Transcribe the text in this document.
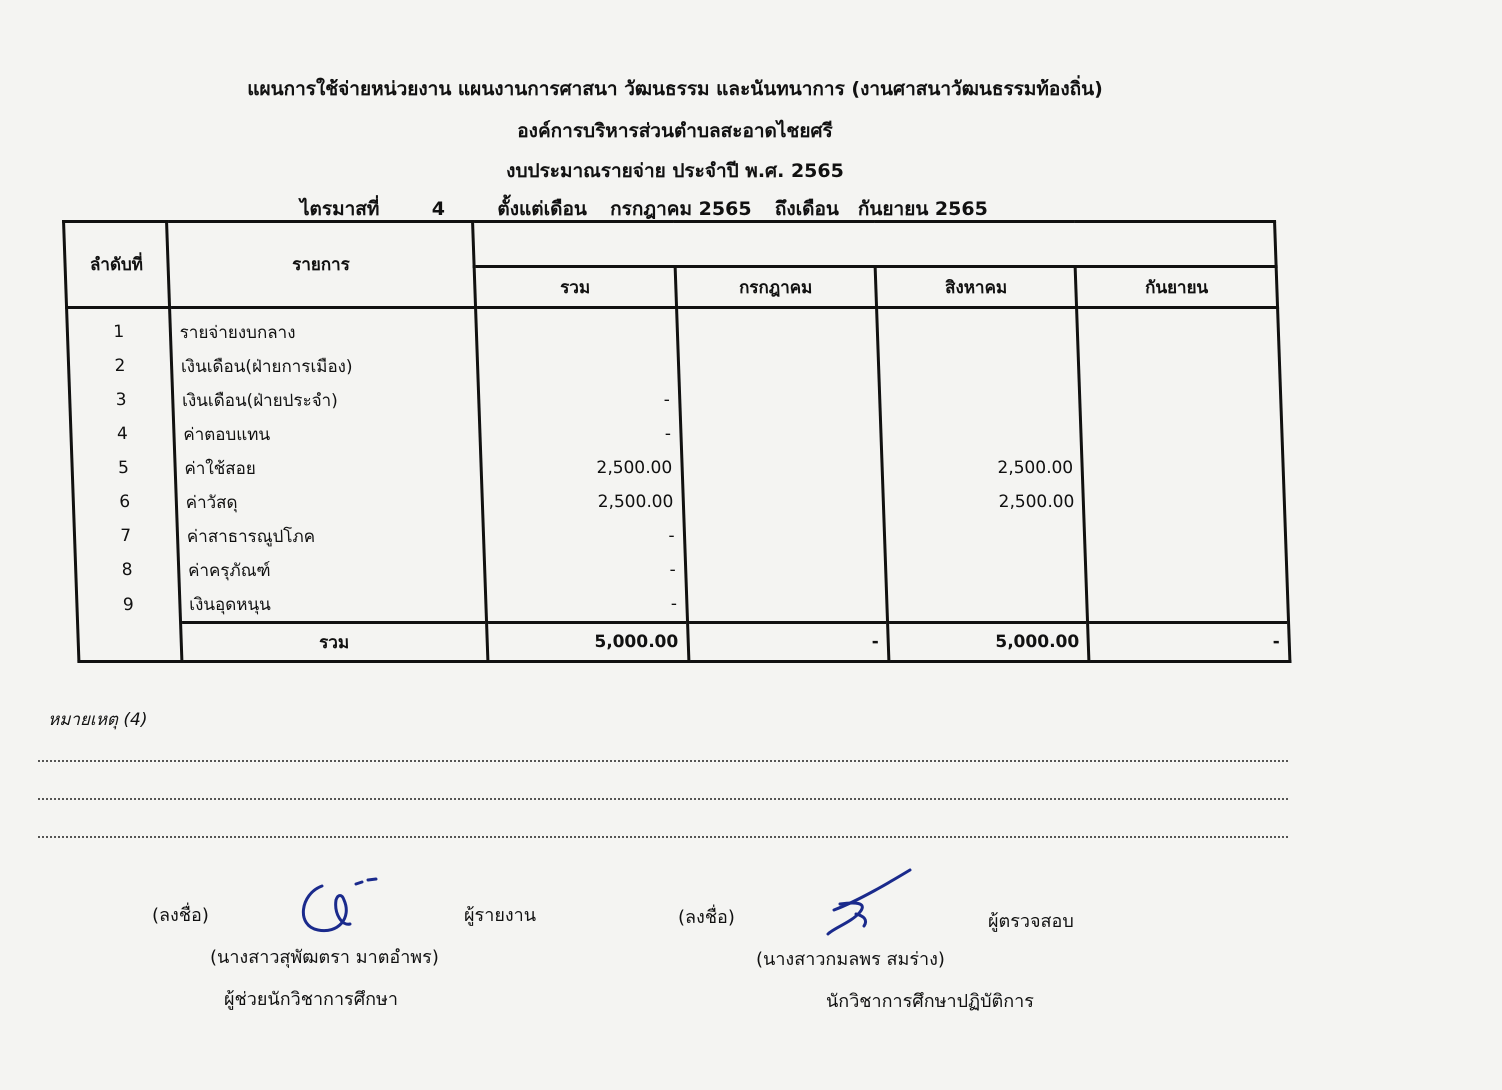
แผนการใช้จ่ายหน่วยงาน แผนงานการศาสนา วัฒนธรรม และนันทนาการ (งานศาสนาวัฒนธรรมท้องถิ่น)
องค์การบริหารส่วนตำบลสะอาดไชยศรี
งบประมาณรายจ่าย ประจำปี พ.ศ. 2565
ไตรมาสที่	4	ตั้งแต่เดือน	กรกฎาคม 2565	ถึงเดือน	กันยายน 2565
ลำดับที่	รายการ				
		รวม	กรกฎาคม	สิงหาคม	กันยายน
1	รายจ่ายงบกลาง				
2	เงินเดือน(ฝ่ายการเมือง)				
3	เงินเดือน(ฝ่ายประจำ)	-			
4	ค่าตอบแทน	-			
5	ค่าใช้สอย	2,500.00		2,500.00	
6	ค่าวัสดุ	2,500.00		2,500.00	
7	ค่าสาธารณูปโภค	-			
8	ค่าครุภัณฑ์	-			
9	เงินอุดหนุน	-			
	รวม	5,000.00	-	5,000.00	-
หมายเหตุ (4)
(ลงชื่อ)	ผู้รายงาน
(นางสาวสุพัฒตรา มาตอำพร)
ผู้ช่วยนักวิชาการศึกษา
(ลงชื่อ)	ผู้ตรวจสอบ
(นางสาวกมลพร สมร่าง)
นักวิชาการศึกษาปฏิบัติการ
